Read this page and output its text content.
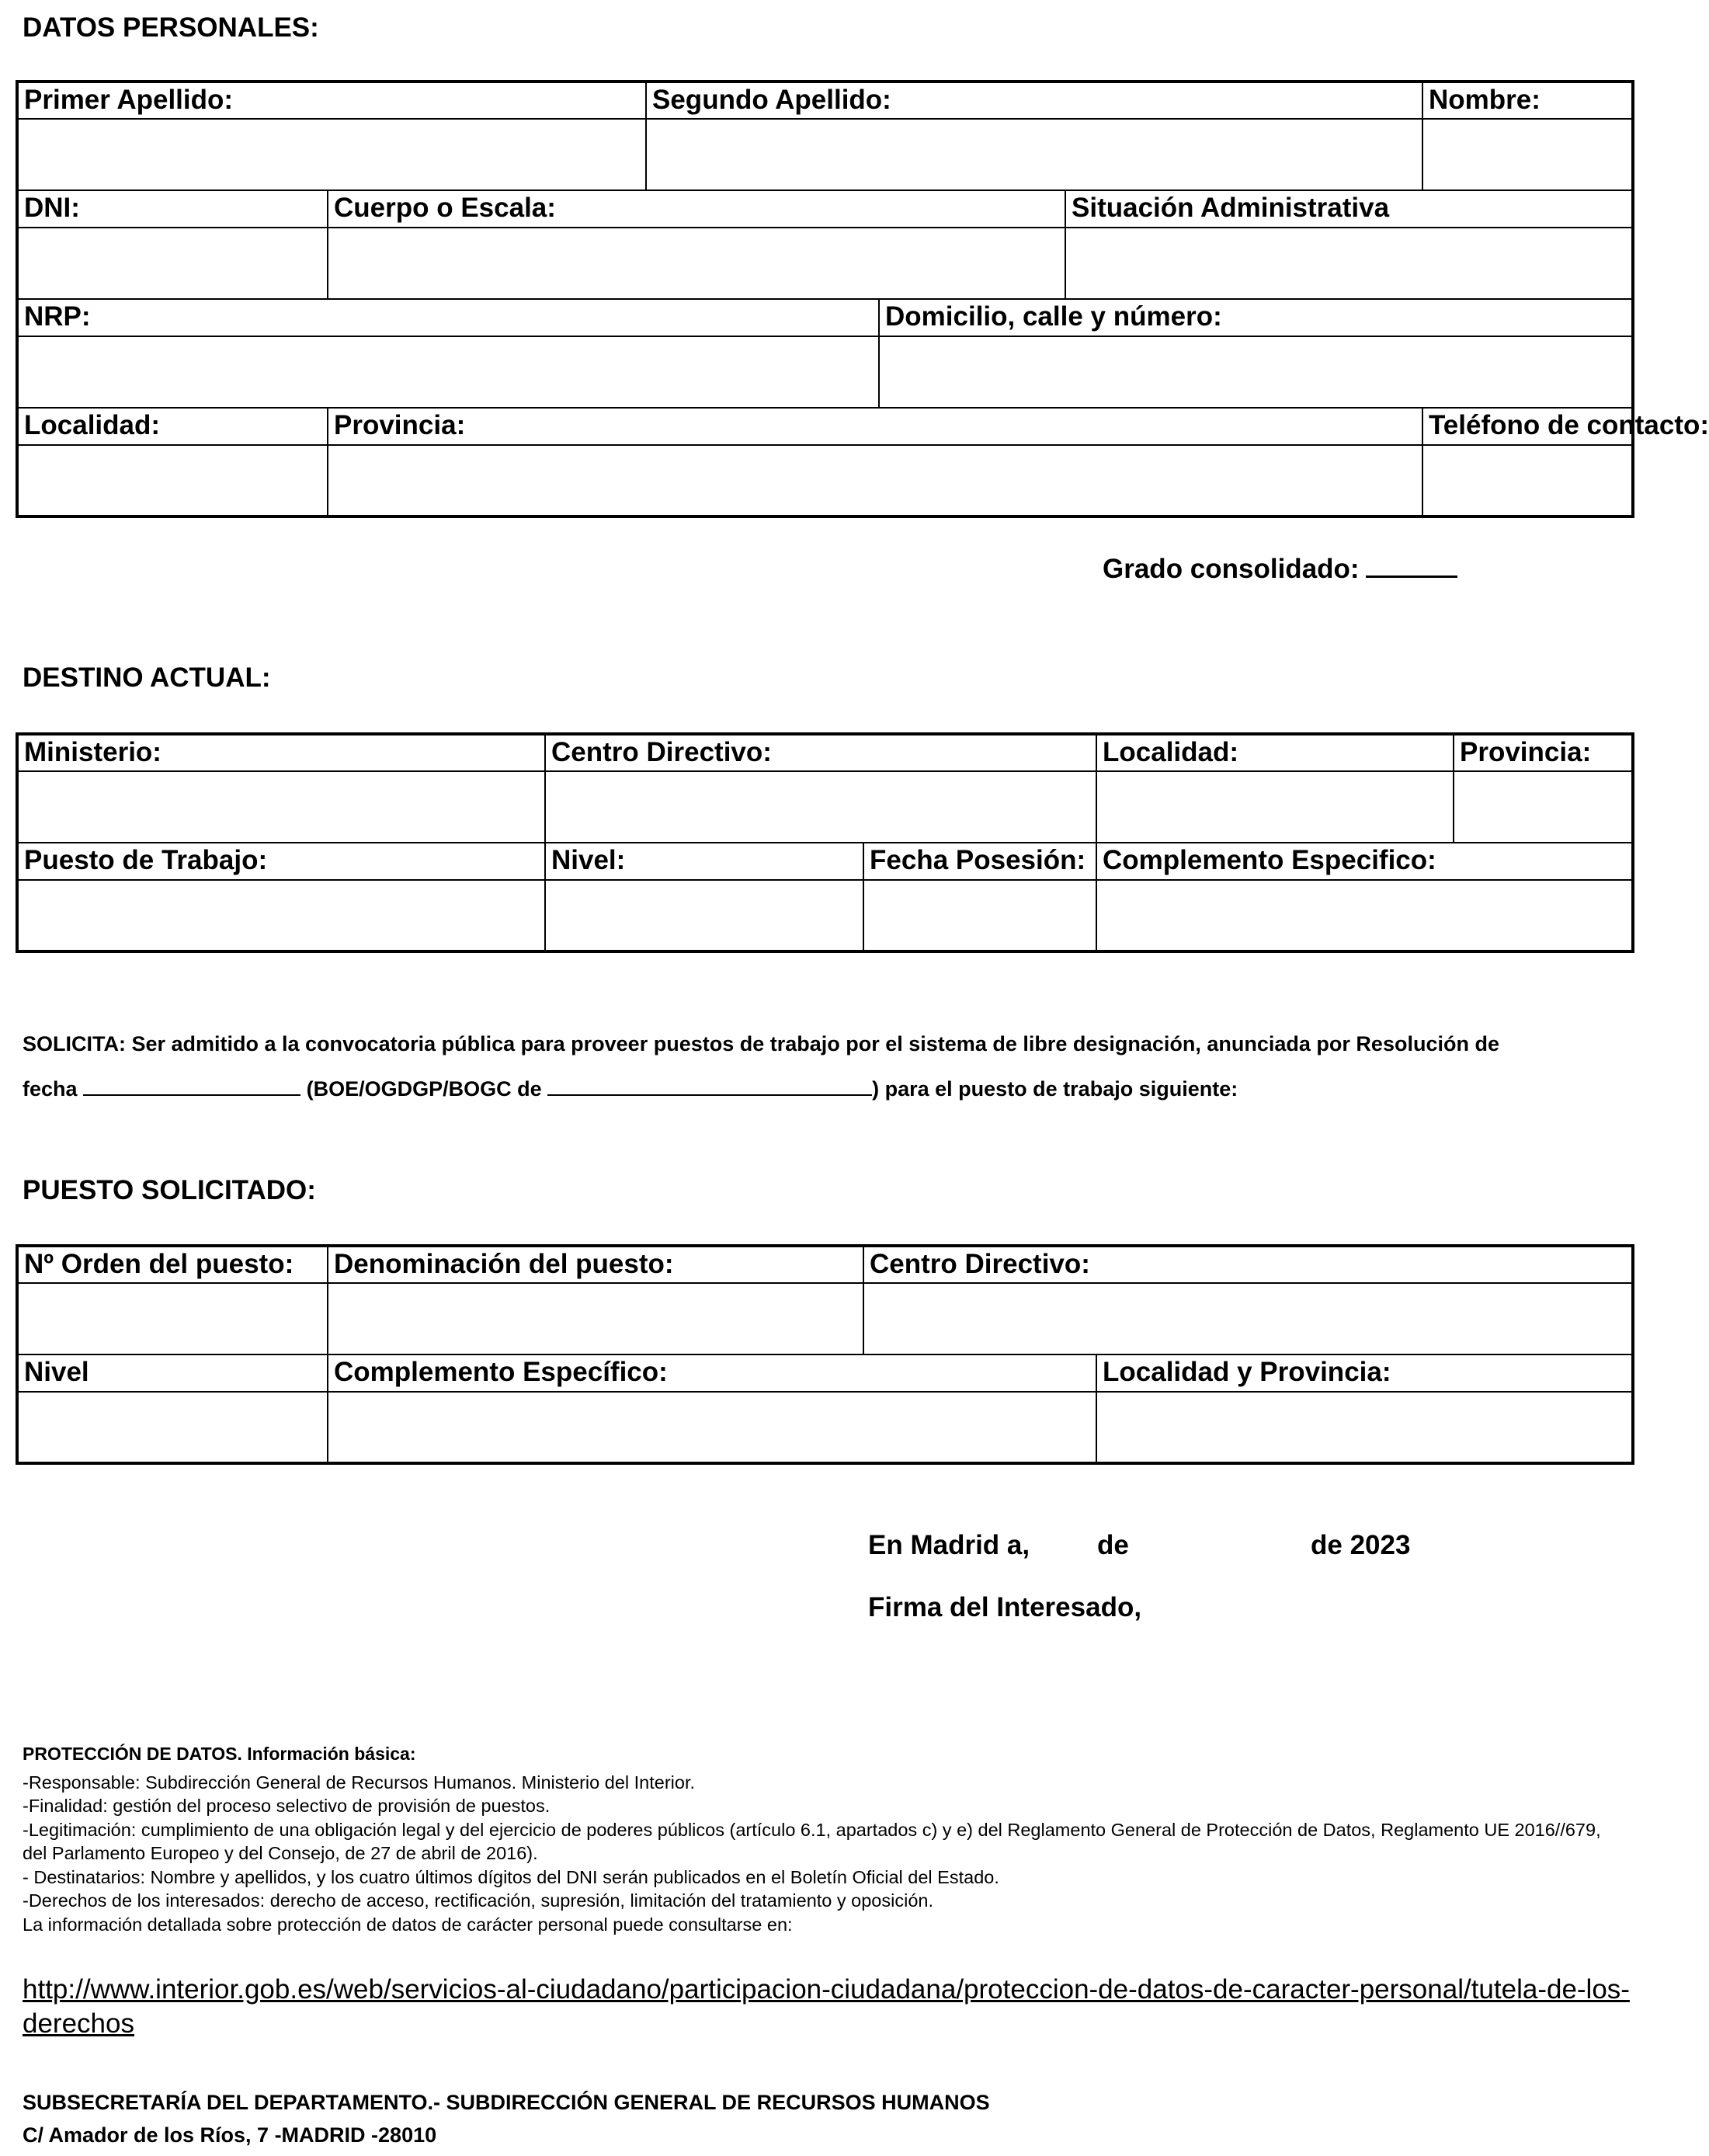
DATOS PERSONALES:
Primer Apellido:		Segundo Apellido:			Nombre:

DNI:	Cuerpo o Escala:			Situación Administrativa	

NRP:			Domicilio, calle y número:		

Localidad:	Provincia:				Teléfono de contacto:

Grado consolidado:
DESTINO ACTUAL:
Ministerio:	Centro Directivo:		Localidad:	Provincia:

Puesto de Trabajo:	Nivel:	Fecha Posesión:	Complemento Especifico:	

SOLICITA: Ser admitido a la convocatoria pública para proveer puestos de trabajo por el sistema de libre designación, anunciada por Resolución de
fecha	(BOE/OGDGP/BOGC de	) para el puesto de trabajo siguiente:
PUESTO SOLICITADO:
Nº Orden del puesto:	Denominación del puesto:	Centro Directivo:	

Nivel	Complemento Específico:		Localidad y Provincia:

En Madrid a, de	de 2023
Firma del Interesado,
PROTECCIÓN DE DATOS. Información básica:
-Responsable: Subdirección General de Recursos Humanos. Ministerio del Interior.
-Finalidad: gestión del proceso selectivo de provisión de puestos.
-Legitimación: cumplimiento de una obligación legal y del ejercicio de poderes públicos (artículo 6.1, apartados c) y e) del Reglamento General de Protección de Datos, Reglamento UE 2016//679, del Parlamento Europeo y del Consejo, de 27 de abril de 2016).
- Destinatarios: Nombre y apellidos, y los cuatro últimos dígitos del DNI serán publicados en el Boletín Oficial del Estado.
-Derechos de los interesados: derecho de acceso, rectificación, supresión, limitación del tratamiento y oposición.
La información detallada sobre protección de datos de carácter personal puede consultarse en:
http://www.interior.gob.es/web/servicios-al-ciudadano/participacion-ciudadana/proteccion-de-datos-de-caracter-personal/tutela-de-los-derechos
SUBSECRETARÍA DEL DEPARTAMENTO.- SUBDIRECCIÓN GENERAL DE RECURSOS HUMANOS
C/ Amador de los Ríos, 7 -MADRID -28010
